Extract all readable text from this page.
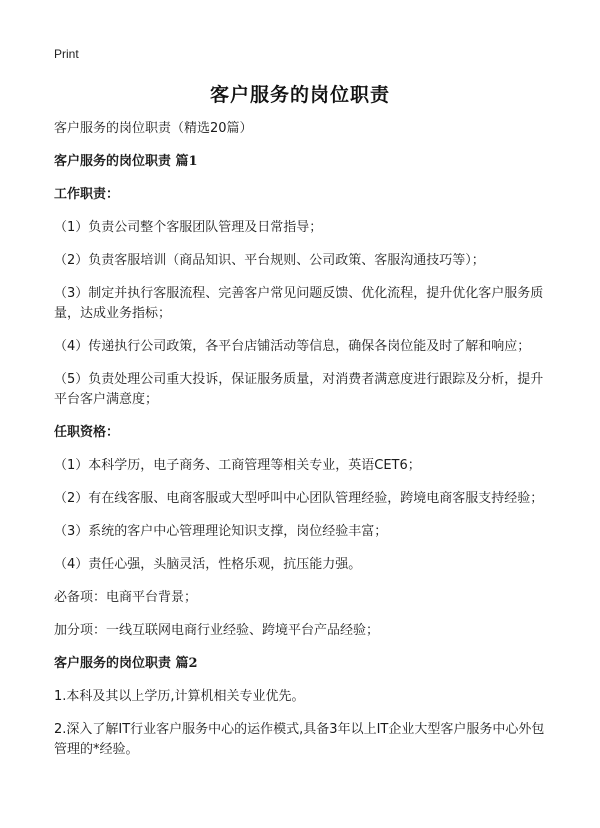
Print
客户服务的岗位职责

客户服务的岗位职责（精选20篇）

客户服务的岗位职责 篇1

工作职责：

（1）负责公司整个客服团队管理及日常指导；

（2）负责客服培训（商品知识、平台规则、公司政策、客服沟通技巧等）；

（3）制定并执行客服流程、完善客户常见问题反馈、优化流程，提升优化客户服务质量，达成业务指标；

（4）传递执行公司政策，各平台店铺活动等信息，确保各岗位能及时了解和响应；

（5）负责处理公司重大投诉，保证服务质量，对消费者满意度进行跟踪及分析，提升平台客户满意度；

任职资格：

（1）本科学历，电子商务、工商管理等相关专业，英语CET6；

（2）有在线客服、电商客服或大型呼叫中心团队管理经验，跨境电商客服支持经验；

（3）系统的客户中心管理理论知识支撑，岗位经验丰富；

（4）责任心强，头脑灵活，性格乐观，抗压能力强。

必备项：电商平台背景；

加分项：一线互联网电商行业经验、跨境平台产品经验；

客户服务的岗位职责 篇2

1.本科及其以上学历,计算机相关专业优先。

2.深入了解IT行业客户服务中心的运作模式,具备3年以上IT企业大型客户服务中心外包管理的*经验。
